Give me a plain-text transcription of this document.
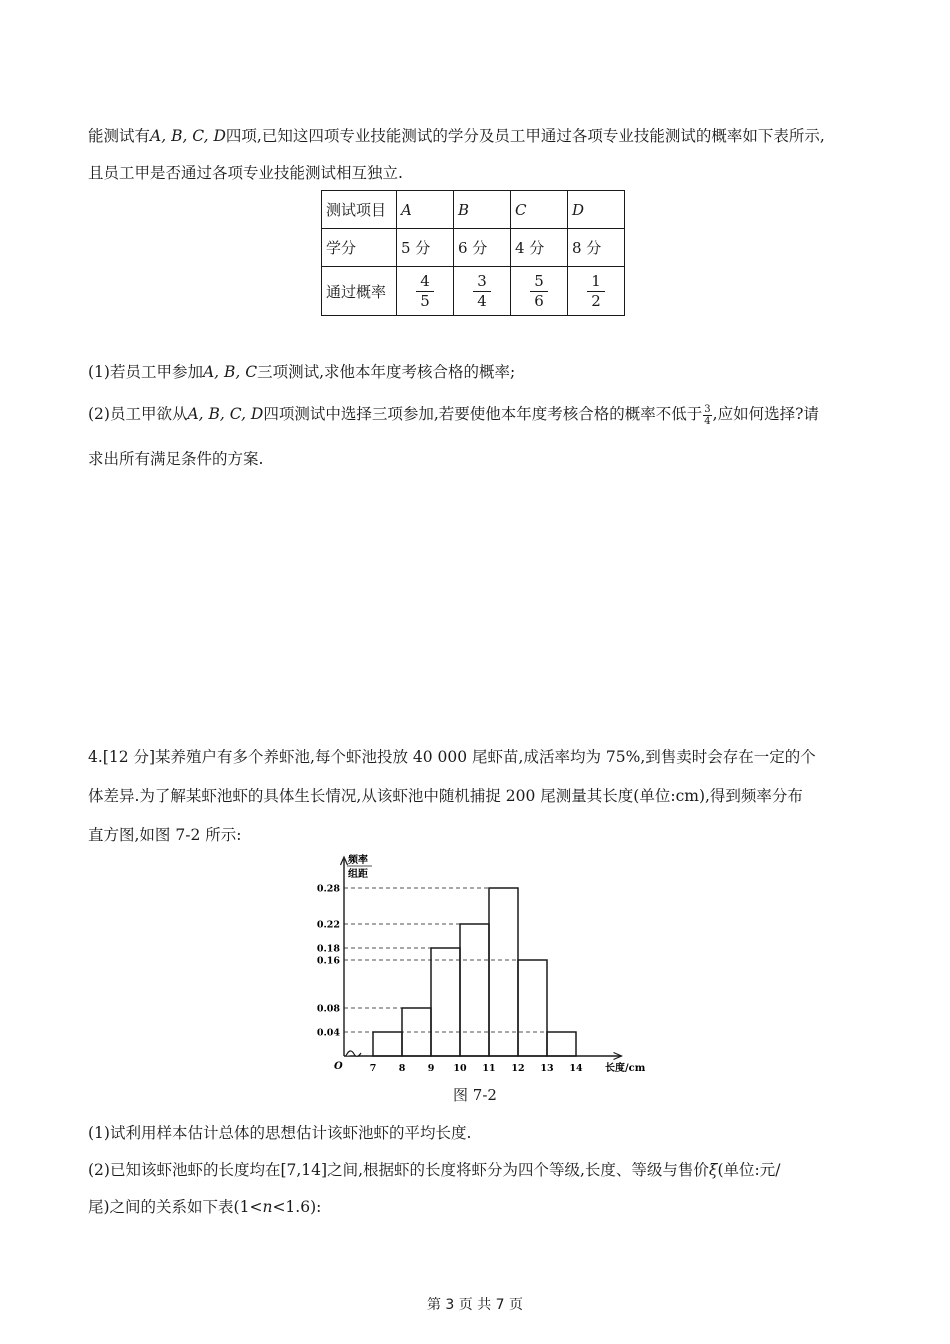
能测试有A, B, C, D四项,已知这四项专业技能测试的学分及员工甲通过各项专业技能测试的概率如下表所示,

且员工甲是否通过各项专业技能测试相互独立.

测试项目	A	B	C	D
学分	5 分	6 分	4 分	8 分
通过概率	$\frac{4}{5}$	$\frac{3}{4}$	$\frac{5}{6}$	$\frac{1}{2}$

(1)若员工甲参加A, B, C三项测试,求他本年度考核合格的概率;

(2)员工甲欲从A, B, C, D四项测试中选择三项参加,若要使他本年度考核合格的概率不低于 $\frac{3}{4}$ ,应如何选择?请

求出所有满足条件的方案.

4.[12 分]某养殖户有多个养虾池,每个虾池投放 40 000 尾虾苗,成活率均为 75%,到售卖时会存在一定的个

体差异.为了解某虾池虾的具体生长情况,从该虾池中随机捕捉 200 尾测量其长度(单位:cm),得到频率分布

直方图,如图 7-2 所示:

0.28
0.22
0.18
0.16
0.08
0.04
7 8 9 10 11 12 13 14
频率
组距
长度/cm
O
图 7-2

(1)试利用样本估计总体的思想估计该虾池虾的平均长度.

(2)已知该虾池虾的长度均在[7,14]之间,根据虾的长度将虾分为四个等级,长度、等级与售价ξ(单位:元/

尾)之间的关系如下表(1<n<1.6):

第 3 页 共 7 页
